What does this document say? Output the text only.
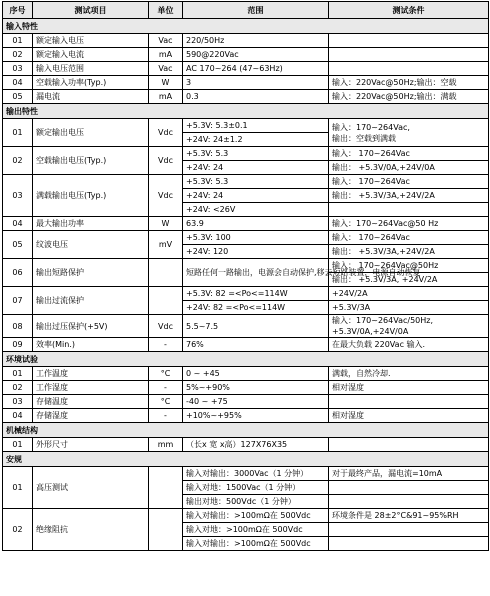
序号	测试项目	单位	范围	测试条件
输入特性				
01	额定输入电压	Vac	220/50Hz	
02	额定输入电流	mA	590@220Vac	
03	输入电压范围	Vac	AC 170~264 (47~63Hz)	
04	空载输入功率(Typ.)	W	3	输入：220Vac@50Hz;输出：空载
05	漏电流	mA	0.3	输入：220Vac@50Hz;输出：满载
输出特性				
01	额定输出电压	Vdc	+5.3V: 5.3±0.1	输入：170~264Vac,
输出：空载到满载
			+24V: 24±1.2	
02	空载输出电压(Typ.)	Vdc	+5.3V: 5.3	输入： 170~264Vac
			+24V: 24	输出： +5.3V/0A,+24V/0A
03	满载输出电压(Typ.)	Vdc	+5.3V: 5.3	输入： 170~264Vac
			+24V: 24	输出： +5.3V/3A,+24V/2A
			+24V: <26V	
04	最大输出功率	W	63.9	输入：170~264Vac@50 Hz
05	纹波电压	mV	+5.3V: 100	输入： 170~264Vac
			+24V: 120	输出： +5.3V/3A,+24V/2A
06	输出短路保护		短路任何一路输出，电源会自动保护,移去短路装置，电源自动恢复	输入： 170~264Vac@50Hz
				输出： +5.3V/3A, +24V/2A
07	输出过流保护		+5.3V: 82 =<Po<=114W	+24V/2A
			+24V: 82 =<Po<=114W	+5.3V/3A
08	输出过压保护(+5V)	Vdc	5.5~7.5	输入：170~264Vac/50Hz,
+5.3V/0A,+24V/0A
09	效率(Min.)	-	76%	在最大负载 220Vac 输入.
环境试验				
01	工作温度	°C	0 ~ +45	满载，自然冷却.
02	工作湿度	-	5%~+90%	相对湿度
03	存储温度	°C	-40 ~ +75	
04	存储湿度	-	+10%~+95%	相对湿度
机械结构				
01	外形尺寸	mm	（长x 宽 x高）127X76X35	
安规				
01	高压测试		输入对输出：3000Vac（1 分钟）	对于最终产品，漏电流=10mA
			输入对地：1500Vac（1 分钟）	
			输出对地：500Vdc（1 分钟）	
02	绝缘阻抗		输入对输出：>100mΩ在 500Vdc	环境条件是 28±2°C&91~95%RH
			输入对地：>100mΩ在 500Vdc	
			输入对输出：>100mΩ在 500Vdc	
